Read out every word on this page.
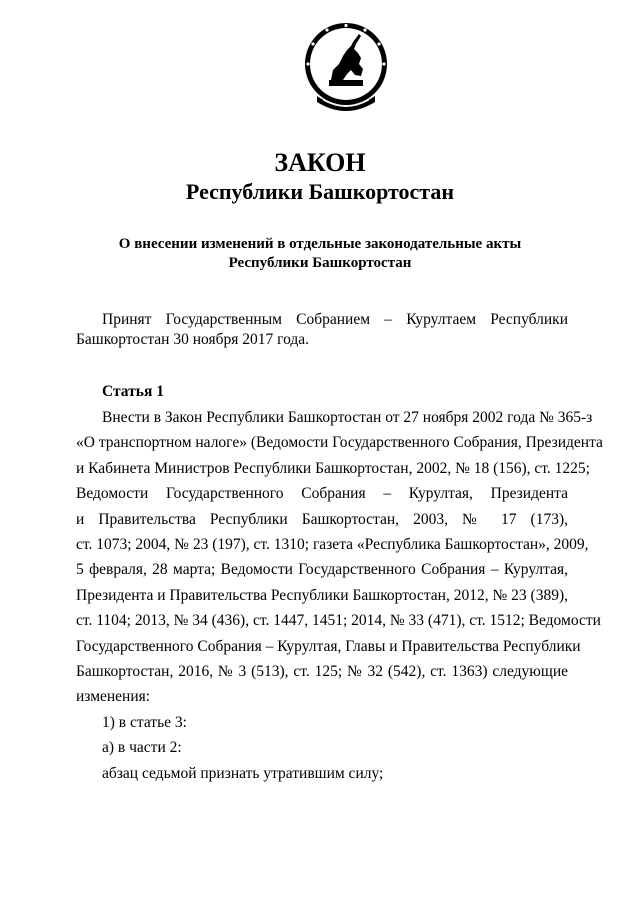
ЗАКОН
Республики Башкортостан
О внесении изменений в отдельные законодательные акты
Республики Башкортостан
Принят Государственным Собранием – Курултаем Республики
Башкортостан 30 ноября 2017 года.
Статья 1
Внести в Закон Республики Башкортостан от 27 ноября 2002 года № 365-з
«О транспортном налоге» (Ведомости Государственного Собрания, Президента
и Кабинета Министров Республики Башкортостан, 2002, № 18 (156), ст. 1225;
Ведомости Государственного Собрания – Курултая, Президента
и Правительства Республики Башкортостан, 2003, № 17 (173),
ст. 1073; 2004, № 23 (197), ст. 1310; газета «Республика Башкортостан», 2009,
5 февраля, 28 марта; Ведомости Государственного Собрания – Курултая,
Президента и Правительства Республики Башкортостан, 2012, № 23 (389),
ст. 1104; 2013, № 34 (436), ст. 1447, 1451; 2014, № 33 (471), ст. 1512; Ведомости
Государственного Собрания – Курултая, Главы и Правительства Республики
Башкортостан, 2016, № 3 (513), ст. 125; № 32 (542), ст. 1363) следующие
изменения:
1) в статье 3:
а) в части 2:
абзац седьмой признать утратившим силу;
